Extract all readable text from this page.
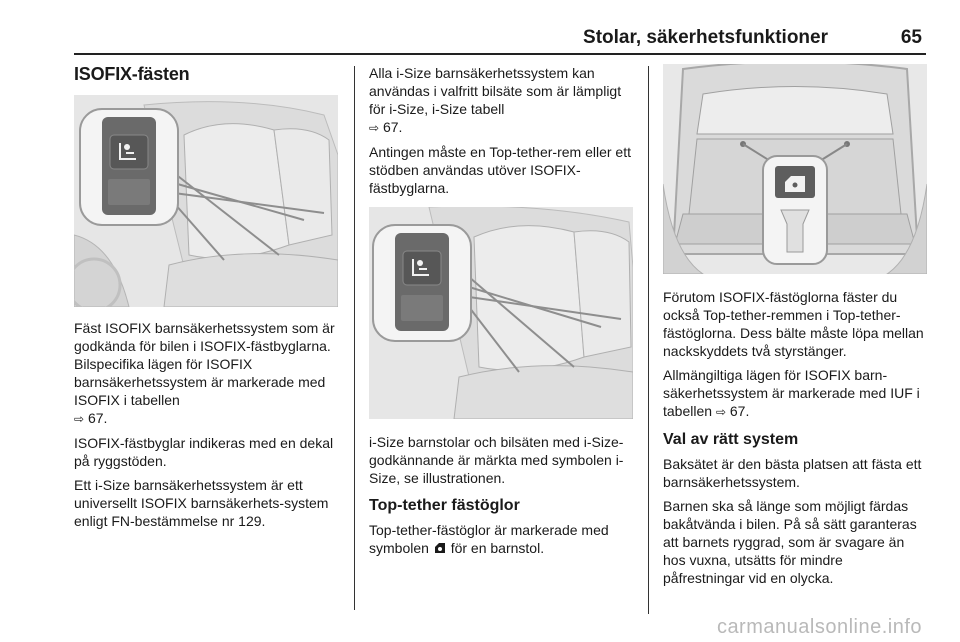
Stolar, säkerhetsfunktioner	65
ISOFIX-fästen

Fäst ISOFIX barnsäkerhetssystem som är godkända för bilen i ISOFIX-fästbyglarna. Bilspecifika lägen för ISOFIX barnsäkerhetssystem är markerade med ISOFIX i tabellen
⇨ 67.

ISOFIX-fästbyglar indikeras med en dekal på ryggstöden.

Ett i-Size barnsäkerhetssystem är ett universellt ISOFIX barnsäkerhets-system enligt FN-bestämmelse nr 129.

Alla i-Size barnsäkerhetssystem kan användas i valfritt bilsäte som är lämpligt för i-Size, i-Size tabell
⇨ 67.

Antingen måste en Top-tether-rem eller ett stödben användas utöver ISOFIX-fästbyglarna.

i-Size barnstolar och bilsäten med i-Size-godkännande är märkta med symbolen i-Size, se illustrationen.

Top-tether fästöglor

Top-tether-fästöglor är markerade med symbolen för en barnstol.

Förutom ISOFIX-fästöglorna fäster du också Top-tether-remmen i Top-tether-fästöglorna. Dess bälte måste löpa mellan nackskyddets två styrstänger.

Allmängiltiga lägen för ISOFIX barn-säkerhetssystem är markerade med IUF i tabellen ⇨ 67.

Val av rätt system

Baksätet är den bästa platsen att fästa ett barnsäkerhetssystem.

Barnen ska så länge som möjligt färdas bakåtvända i bilen. På så sätt garanteras att barnets ryggrad, som är svagare än hos vuxna, utsätts för mindre påfrestningar vid en olycka.

carmanualsonline.info
